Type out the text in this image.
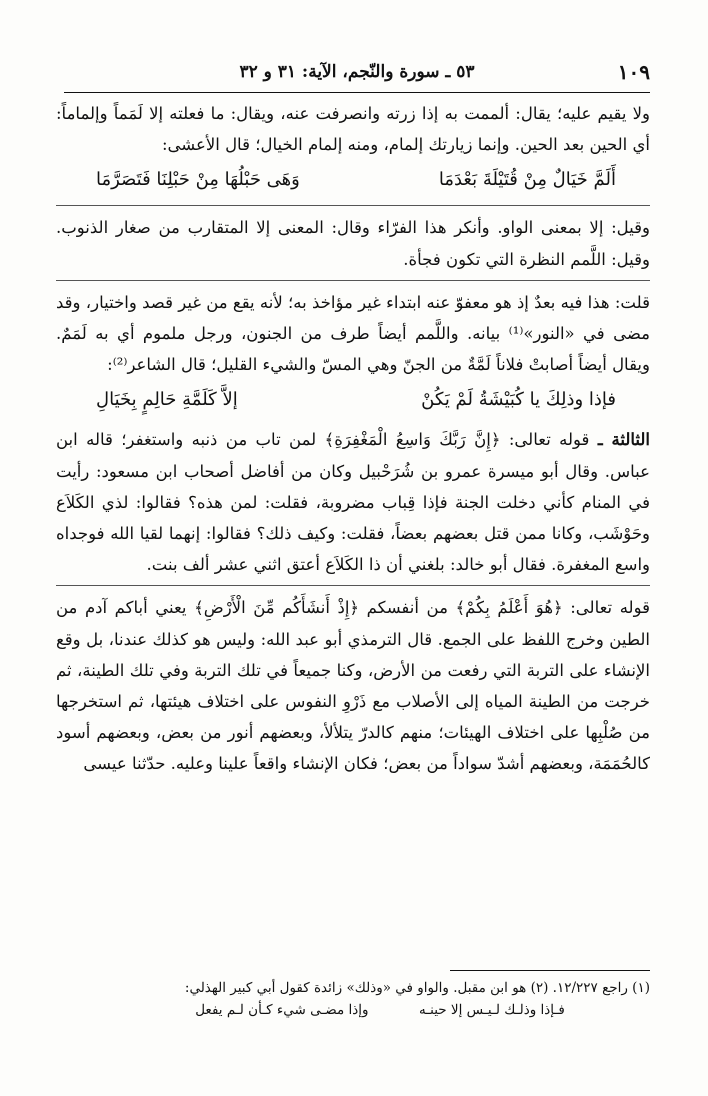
١٠٩
٥٣ ـ سورة والنّجم، الآية: ٣١ و ٣٢

ولا يقيم عليه؛ يقال: ألممت به إذا زرته وانصرفت عنه، ويقال: ما فعلته إلا لَمَماً وإلماماً: أي الحين بعد الحين. وإنما زيارتك إلمام، ومنه إلمام الخيال؛ قال الأعشى:

أَلَمَّ خَيَالٌ مِنْ قُتَيْلَةَ بَعْدَمَا
وَهَى حَبْلُهَا مِنْ حَبْلِنَا فَتَصَرَّمَا

وقيل: إلا بمعنى الواو. وأنكر هذا الفرّاء وقال: المعنى إلا المتقارب من صغار الذنوب. وقيل: اللَّمم النظرة التي تكون فجأة.

قلت: هذا فيه بعدٌ إذ هو معفوّ عنه ابتداء غير مؤاخذ به؛ لأنه يقع من غير قصد واختيار، وقد مضى في «النور»⁽¹⁾ بيانه. واللَّمم أيضاً طرف من الجنون، ورجل ملموم أي به لَمَمٌ. ويقال أيضاً أصابتْ فلاناً لَمَّةٌ من الجنّ وهي المسّ والشيء القليل؛ قال الشاعر⁽²⁾:

فإذا وذلِكَ يا كُبَيْشَةُ لَمْ يَكُنْ
إلاَّ كَلَمَّةِ حَالِمٍ بِخَيَالِ

الثالثة ـ قوله تعالى: ﴿إِنَّ رَبَّكَ وَاسِعُ الْمَغْفِرَةِ﴾ لمن تاب من ذنبه واستغفر؛ قاله ابن عباس. وقال أبو ميسرة عمرو بن شُرَحْبيل وكان من أفاضل أصحاب ابن مسعود: رأيت في المنام كأني دخلت الجنة فإذا قِباب مضروبة، فقلت: لمن هذه؟ فقالوا: لذي الكَلاَع وحَوْشَب، وكانا ممن قتل بعضهم بعضاً، فقلت: وكيف ذلك؟ فقالوا: إنهما لقيا الله فوجداه واسع المغفرة. فقال أبو خالد: بلغني أن ذا الكَلاَع أعتق اثني عشر ألف بنت.

قوله تعالى: ﴿هُوَ أَعْلَمُ بِكُمْ﴾ من أنفسكم ﴿إِذْ أَنشَأَكُم مِّنَ الْأَرْضِ﴾ يعني أباكم آدم من الطين وخرج اللفظ على الجمع. قال الترمذي أبو عبد الله: وليس هو كذلك عندنا، بل وقع الإنشاء على التربة التي رفعت من الأرض، وكنا جميعاً في تلك التربة وفي تلك الطينة، ثم خرجت من الطينة المياه إلى الأصلاب مع ذَرْوِ النفوس على اختلاف هيئتها، ثم استخرجها من صُلْبِها على اختلاف الهيئات؛ منهم كالدرّ يتلألأ، وبعضهم أنور من بعض، وبعضهم أسود كالحُمَمَة، وبعضهم أشدّ سواداً من بعض؛ فكان الإنشاء واقعاً علينا وعليه. حدّثنا عيسى

(١) راجع ١٢/٢٢٧. (٢) هو ابن مقبل. والواو في «وذلك» زائدة كقول أبي كبير الهذلي:
فـإذا وذلـك لـيـس إلا حينـه
وإذا مضـى شيء كـأن لـم يفعل
